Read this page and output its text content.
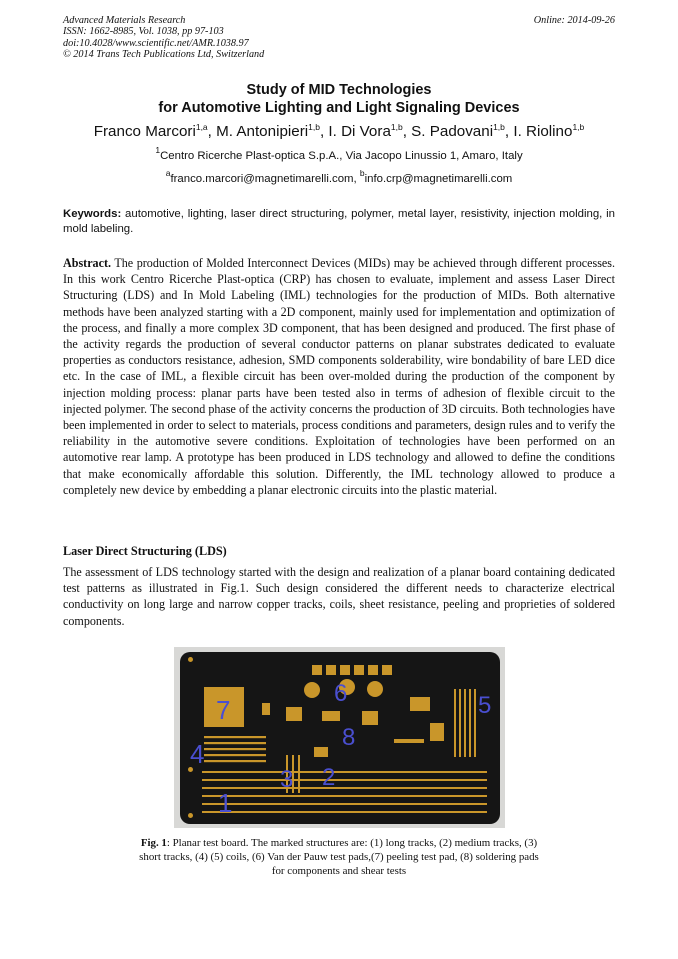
Advanced Materials Research
ISSN: 1662-8985, Vol. 1038, pp 97-103
doi:10.4028/www.scientific.net/AMR.1038.97
© 2014 Trans Tech Publications Ltd, Switzerland
Online: 2014-09-26
Study of MID Technologies
for Automotive Lighting and Light Signaling Devices
Franco Marcori$^{1,a}$, M. Antonipieri$^{1,b}$, I. Di Vora$^{1,b}$, S. Padovani$^{1,b}$, I. Riolino$^{1,b}$
$^1$Centro Ricerche Plast-optica S.p.A., Via Jacopo Linussio 1, Amaro, Italy
$^a$franco.marcori@magnetimarelli.com, $^b$info.crp@magnetimarelli.com
Keywords: automotive, lighting, laser direct structuring, polymer, metal layer, resistivity, injection molding, in mold labeling.
Abstract. The production of Molded Interconnect Devices (MIDs) may be achieved through different processes. In this work Centro Ricerche Plast-optica (CRP) has chosen to evaluate, implement and assess Laser Direct Structuring (LDS) and In Mold Labeling (IML) technologies for the production of MIDs. Both alternative methods have been analyzed starting with a 2D component, mainly used for implementation and optimization of the process, and finally a more complex 3D component, that has been designed and produced. The first phase of the activity regards the production of several conductor patterns on planar substrates dedicated to evaluate properties as conductors resistance, adhesion, SMD components solderability, wire bondability of bare LED dice etc. In the case of IML, a flexible circuit has been over-molded during the production of the component by injection molding process: planar parts have been tested also in terms of adhesion of flexible circuit to the injected polymer. The second phase of the activity concerns the production of 3D circuits. Both technologies have been implemented in order to select to materials, process conditions and parameters, design rules and to verify the reliability in the automotive severe conditions. Exploitation of technologies have been performed on an automotive rear lamp. A prototype has been produced in LDS technology and allowed to define the conditions that make economically affordable this solution. Differently, the IML technology allowed to produce a completely new device by embedding a planar electronic circuits into the plastic material.
Laser Direct Structuring (LDS)
The assessment of LDS technology started with the design and realization of a planar board containing dedicated test patterns as illustrated in Fig.1. Such design considered the different needs to characterize electrical conductivity on long large and narrow copper tracks, coils, sheet resistance, peeling and proprieties of soldered components.
7
6	5
4
8
3 2
1
Fig. 1: Planar test board. The marked structures are: (1) long tracks, (2) medium tracks, (3) short tracks, (4) (5) coils, (6) Van der Pauw test pads,(7) peeling test pad, (8) soldering pads for components and shear tests
